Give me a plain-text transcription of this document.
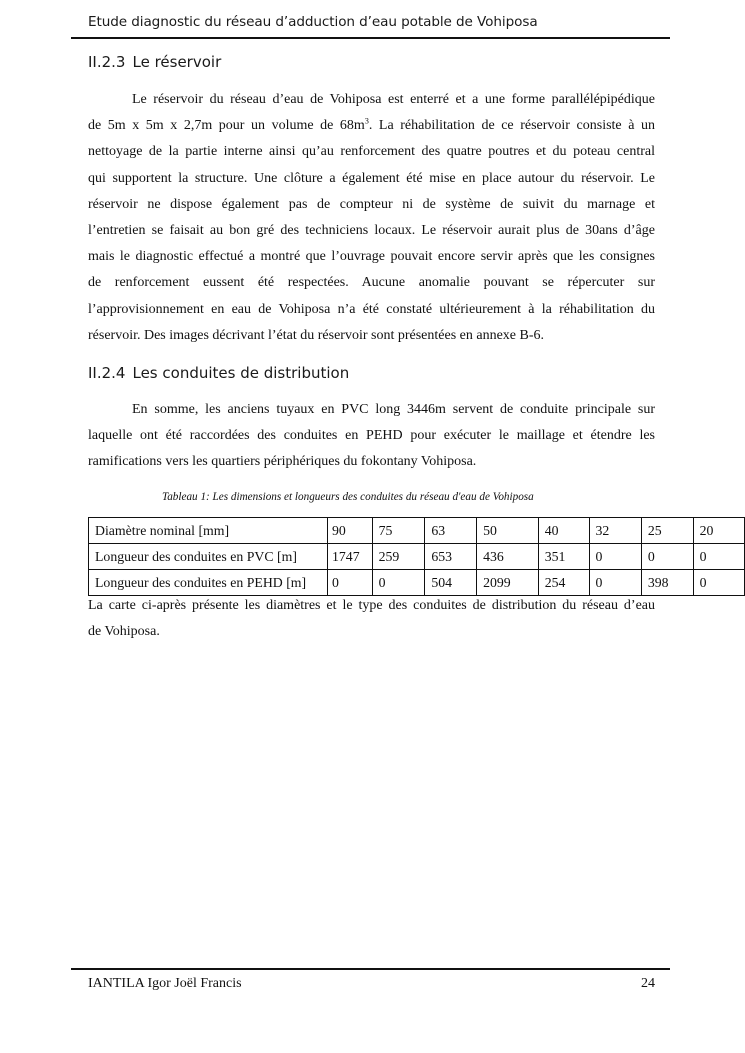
Etude diagnostic du réseau d’adduction d’eau potable de Vohiposa
II.2.3 Le réservoir
Le réservoir du réseau d’eau de Vohiposa est enterré et a une forme parallélépipédique
de 5m x 5m x 2,7m pour un volume de $68m^3$. La réhabilitation de ce réservoir consiste à un
nettoyage de la partie interne ainsi qu’au renforcement des quatre poutres et du poteau central
qui supportent la structure. Une clôture a également été mise en place autour du réservoir. Le
réservoir ne dispose également pas de compteur ni de système de suivit du marnage et
l’entretien se faisait au bon gré des techniciens locaux. Le réservoir aurait plus de 30ans d’âge
mais le diagnostic effectué a montré que l’ouvrage pouvait encore servir après que les consignes
de renforcement eussent été respectées. Aucune anomalie pouvant se répercuter sur
l’approvisionnement en eau de Vohiposa n’a été constaté ultérieurement à la réhabilitation du
réservoir. Des images décrivant l’état du réservoir sont présentées en annexe B-6.
II.2.4 Les conduites de distribution
En somme, les anciens tuyaux en PVC long 3446m servent de conduite principale sur
laquelle ont été raccordées des conduites en PEHD pour exécuter le maillage et étendre les
ramifications vers les quartiers périphériques du fokontany Vohiposa.
Tableau 1: Les dimensions et longueurs des conduites du réseau d'eau de Vohiposa
Diamètre nominal [mm]	90	75	63	50	40	32	25	20
Longueur des conduites en PVC [m]	1747	259	653	436	351	0	0	0
Longueur des conduites en PEHD [m]	0	0	504	2099	254	0	398	0
La carte ci-après présente les diamètres et le type des conduites de distribution du réseau d’eau
de Vohiposa.
IANTILA Igor Joël Francis	24
